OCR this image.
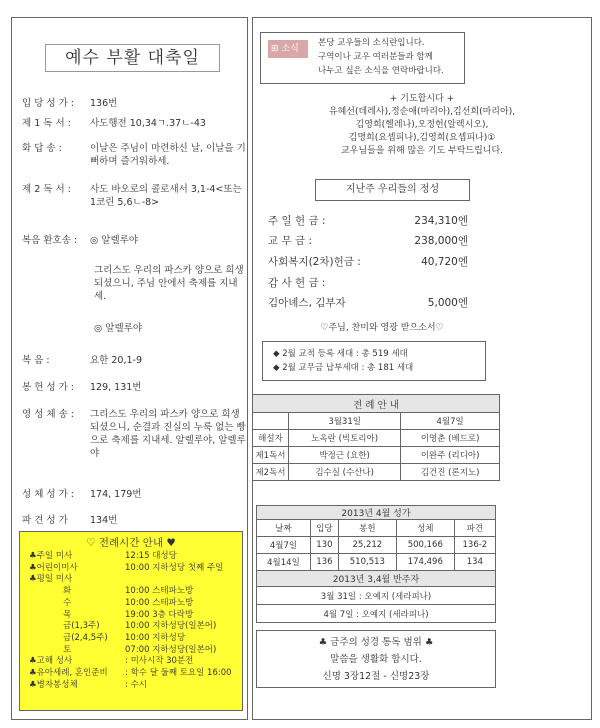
예수 부활 대축일
입 당 성 가 :	136번
제 1 독 서 :	사도행전 10,34ㄱ.37ㄴ-43
화 답 송 :	이날은 주님이 마련하신 날, 이날을 기뻐하며 즐거워하세.
제 2 독 서 :	사도 바오로의 콜로새서 3,1-4<또는 1코린 5,6ㄴ-8>
복음 환호송 :	◎ 알렐루야
그리스도 우리의 파스카 양으로 희생되셨으니, 주님 안에서 축제를 지내세.
◎ 알렐루야
복 음 :	요한 20,1-9
봉 헌 성 가 :	129, 131번
영 성 체 송 :	그리스도 우리의 파스카 양으로 희생되셨으니, 순결과 진실의 누룩 없는 빵으로 축제를 지내세. 알렐루야, 알렐루야
성 체 성 가 :	174, 179번
파 견 성 가	134번
♡ 전례시간 안내 ♥
♣주일 미사	12:15 대성당
♣어린이미사	10:00 지하성당 첫째 주일
♣평일 미사
화	10:00 스테파노방
수	10:00 스테파노방
목	19:00 3층 다락방
금(1,3주)	10:00 지하성당(일본어)
금(2,4,5주)	10:00 지하성당
토	07:00 지하성당(일본어)
♣고해 성사	: 미사시작 30분전
♣유아세례, 혼인준비	: 학수 달 둘째 토요일 16:00
♣병자봉성체	: 수시
⊞ 소식
본당 교우들의 소식란입니다.
구역이나 교우 여러분들과 함께
나누고 싶은 소식을 연락바랍니다.
+ 기도합시다 +
유혜선(데레사),정순애(마리아),김선희(마리아),
김영희(헬레나),오정헌(알렉시오),
김명희(요셉피나),김영희(요셉피나)①
교우님들을 위해 많은 기도 부탁드립니다.
지난주 우리들의 정성
주 일 헌 금 :	234,310엔
교 무 금 :	238,000엔
사회복지(2차)헌금 :	40,720엔
감 사 헌 금 :
김아녜스, 김부자	5,000엔
♡주님, 찬미와 영광 받으소서♡
◆ 2월 교적 등록 세대 : 총 519 세대
◆ 2월 교무금 납부세대 : 총 181 세대
전 례 안 내		
	3월31일	4월7일
해설자	노옥란 (빅토리아)	이영춘 (베드로)
제1독서	박정근 (요한)	이완주 (리디아)
제2독서	김수실 (수산나)	김건진 (론지노)
2013년 4월 성가				
날짜	입당	봉헌	성체	파견
4월7일	130	25,212	500,166	136-2
4월14일	136	510,513	174,496	134
2013년 3,4월 반주자				
3월 31일 : 오예지 (세라피나)				
4월 7일 : 오예지 (세라피나)				
♣ 금주의 성경 통독 범위 ♣
말씀을 생활화 합시다.
신명 3장12절 - 신명23장
